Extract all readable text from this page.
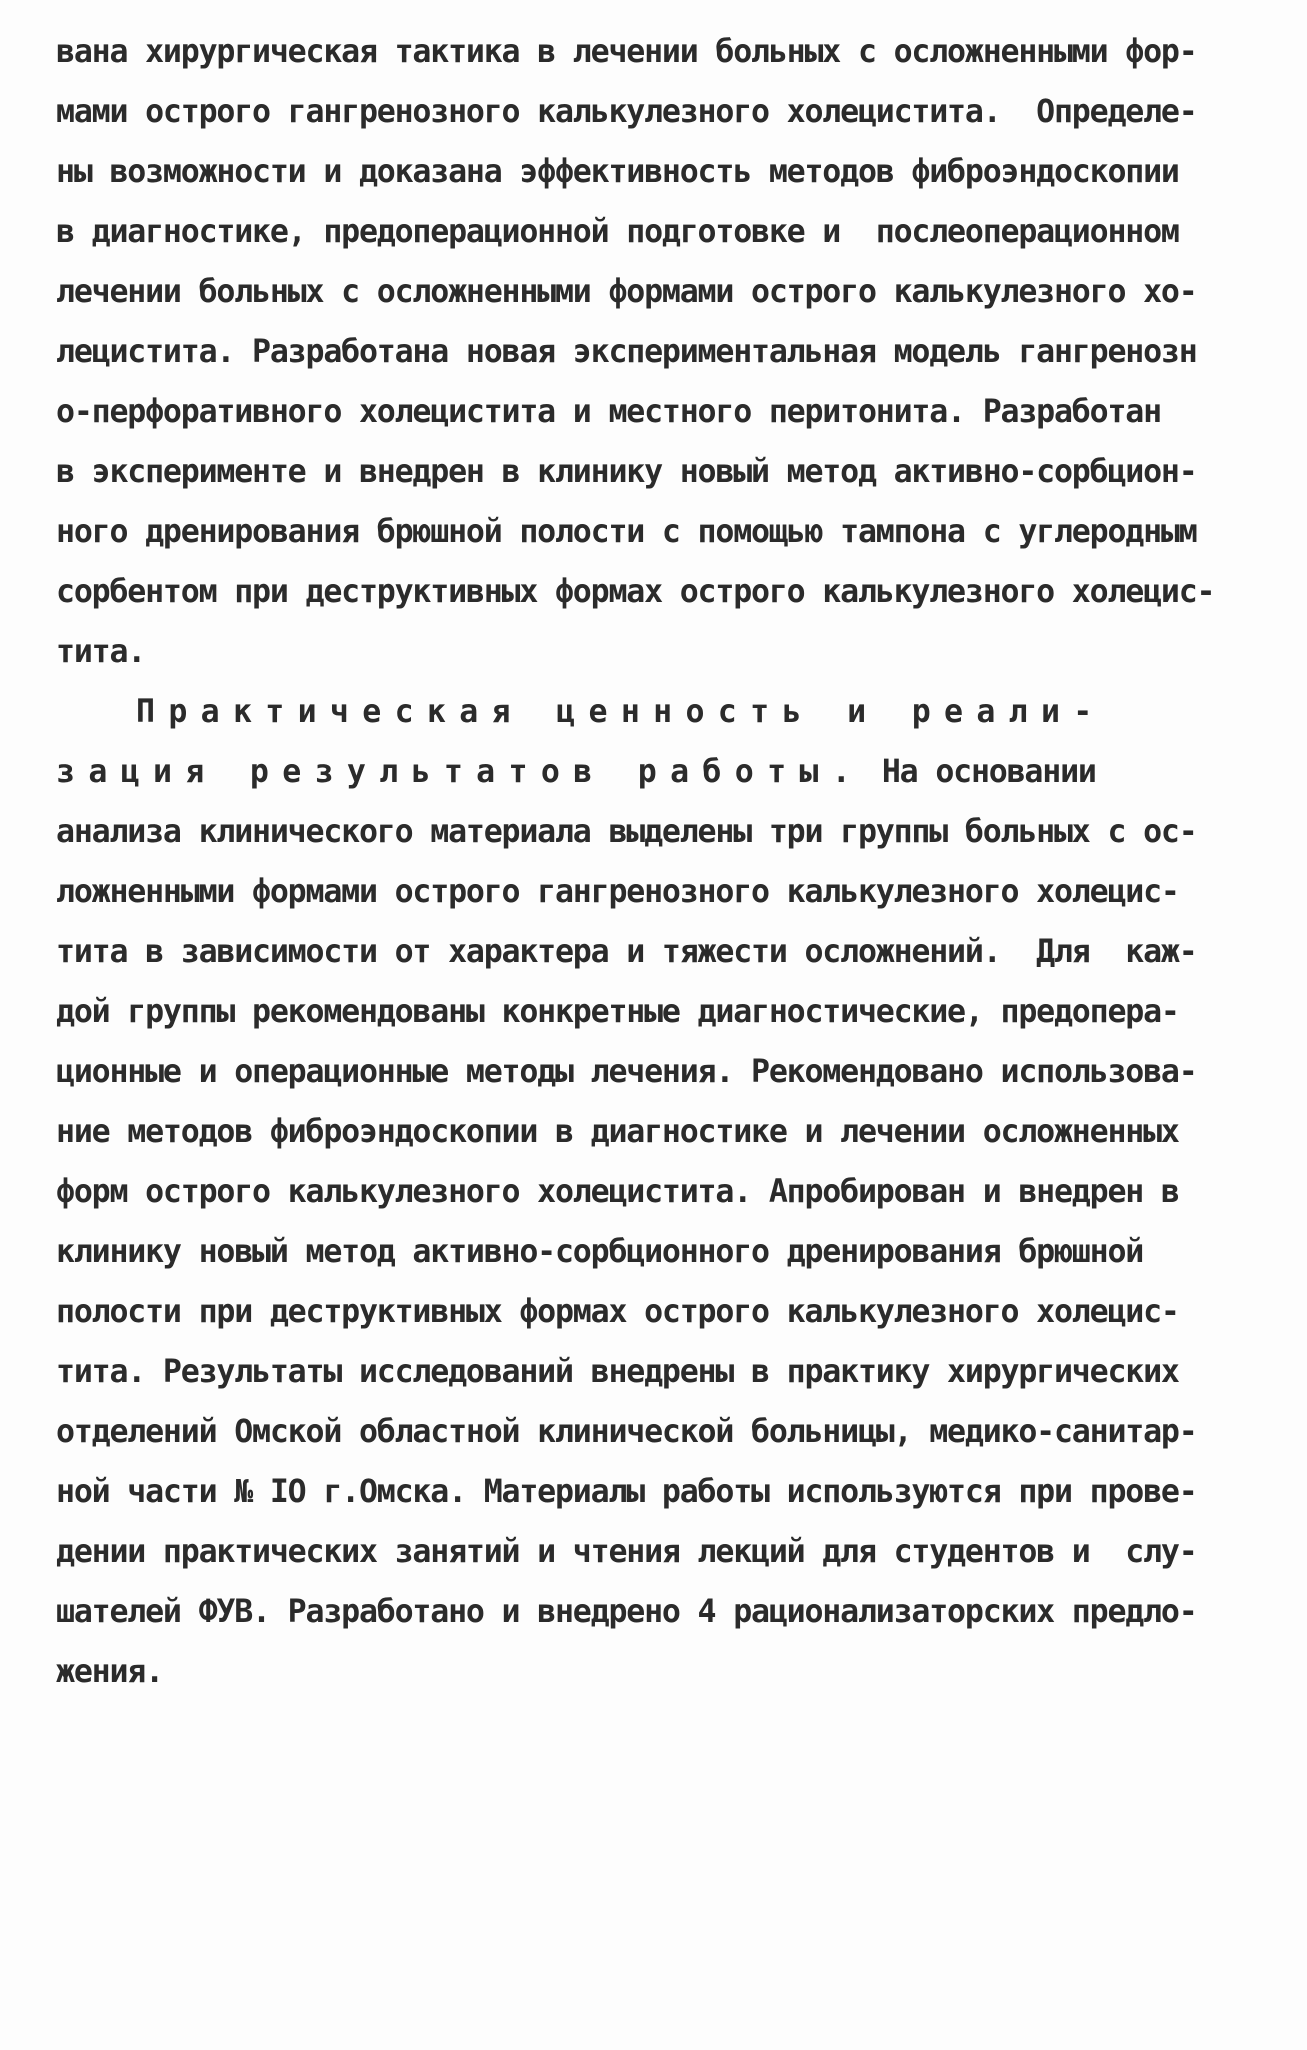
вана хирургическая тактика в лечении больных с осложненными фор-
мами острого гангренозного калькулезного холецистита.  Определе-
ны возможности и доказана эффективность методов фиброэндоскопии
в диагностике, предоперационной подготовке и  послеоперационном
лечении больных с осложненными формами острого калькулезного хо-
лецистита. Разработана новая экспериментальная модель гангренозн
о-перфоративного холецистита и местного перитонита. Разработан
в эксперименте и внедрен в клинику новый метод активно-сорбцион-
ного дренирования брюшной полости с помощью тампона с углеродным
сорбентом при деструктивных формах острого калькулезного холецис-
тита.
Практическая ценность и реали-
зация результатов работы. На основании
анализа клинического материала выделены три группы больных с ос-
ложненными формами острого гангренозного калькулезного холецис-
тита в зависимости от характера и тяжести осложнений.  Для  каж-
дой группы рекомендованы конкретные диагностические, предопера-
ционные и операционные методы лечения. Рекомендовано использова-
ние методов фиброэндоскопии в диагностике и лечении осложненных
форм острого калькулезного холецистита. Апробирован и внедрен в
клинику новый метод активно-сорбционного дренирования брюшной
полости при деструктивных формах острого калькулезного холецис-
тита. Результаты исследований внедрены в практику хирургических
отделений Омской областной клинической больницы, медико-санитар-
ной части № IO г.Омска. Материалы работы используются при прове-
дении практических занятий и чтения лекций для студентов и  слу-
шателей ФУВ. Разработано и внедрено 4 рационализаторских предло-
жения.
